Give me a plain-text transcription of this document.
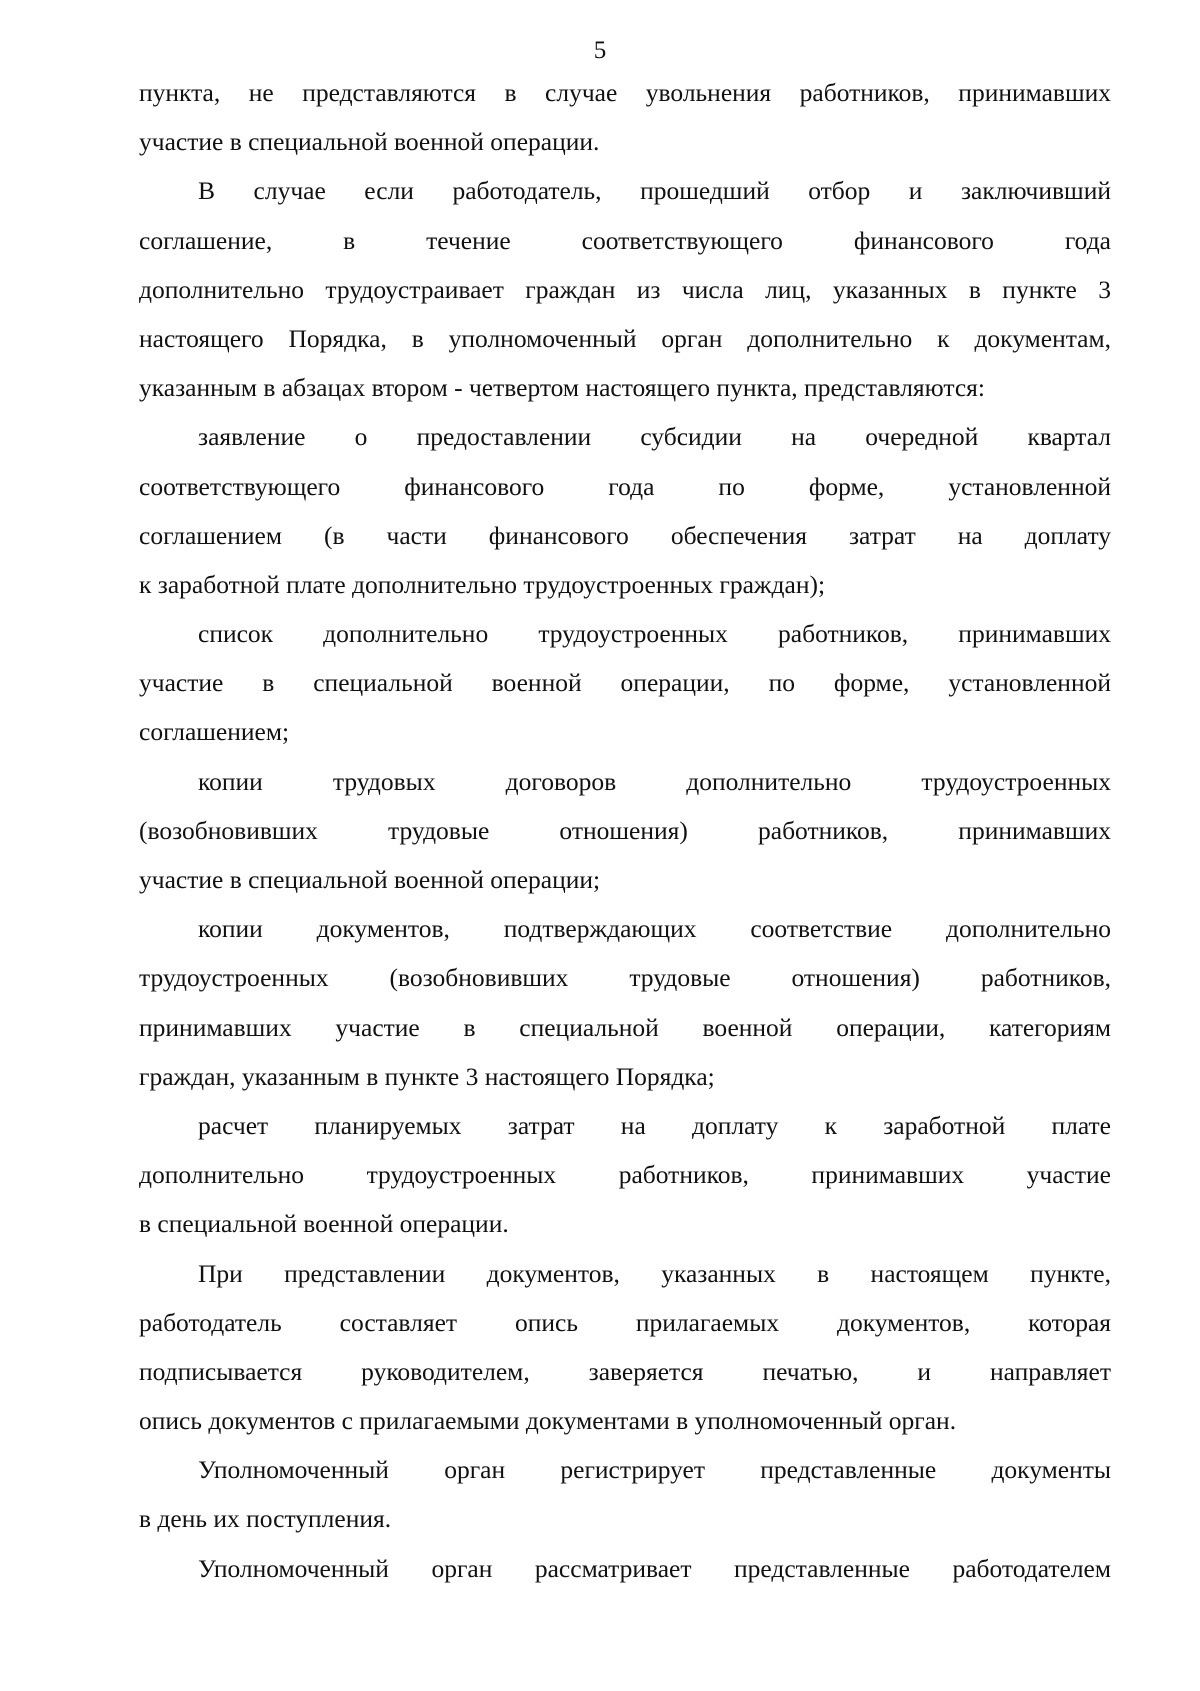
5
пункта, не представляются в случае увольнения работников, принимавших
участие в специальной военной операции.
В случае если работодатель, прошедший отбор и заключивший
соглашение, в течение соответствующего финансового года
дополнительно трудоустраивает граждан из числа лиц, указанных в пункте 3
настоящего Порядка, в уполномоченный орган дополнительно к документам,
указанным в абзацах втором - четвертом настоящего пункта, представляются:
заявление о предоставлении субсидии на очередной квартал
соответствующего финансового года по форме, установленной
соглашением (в части финансового обеспечения затрат на доплату
к заработной плате дополнительно трудоустроенных граждан);
список дополнительно трудоустроенных работников, принимавших
участие в специальной военной операции, по форме, установленной
соглашением;
копии трудовых договоров дополнительно трудоустроенных
(возобновивших трудовые отношения) работников, принимавших
участие в специальной военной операции;
копии документов, подтверждающих соответствие дополнительно
трудоустроенных (возобновивших трудовые отношения) работников,
принимавших участие в специальной военной операции, категориям
граждан, указанным в пункте 3 настоящего Порядка;
расчет планируемых затрат на доплату к заработной плате
дополнительно трудоустроенных работников, принимавших участие
в специальной военной операции.
При представлении документов, указанных в настоящем пункте,
работодатель составляет опись прилагаемых документов, которая
подписывается руководителем, заверяется печатью, и направляет
опись документов с прилагаемыми документами в уполномоченный орган.
Уполномоченный орган регистрирует представленные документы
в день их поступления.
Уполномоченный орган рассматривает представленные работодателем
